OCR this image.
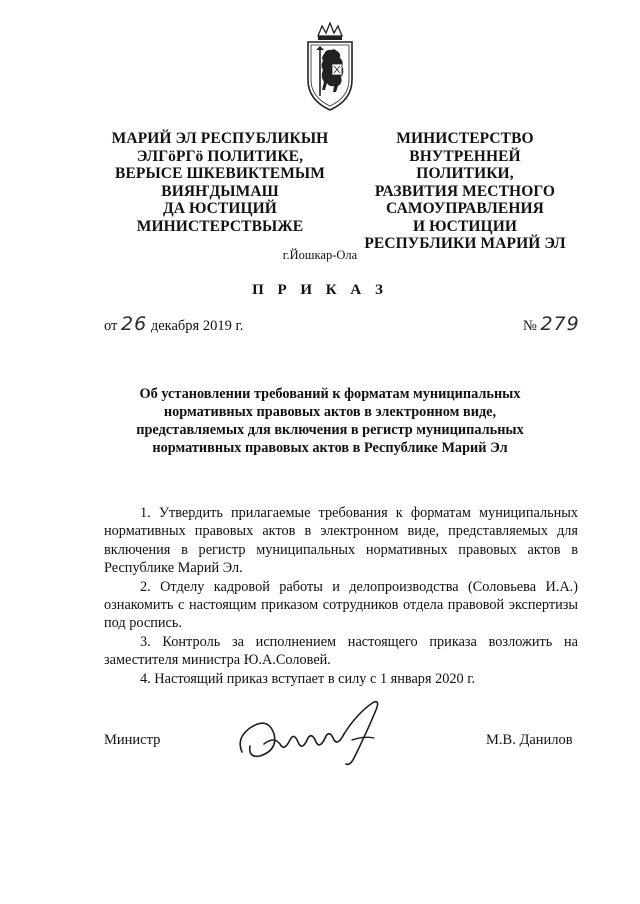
МАРИЙ ЭЛ РЕСПУБЛИКЫН
ЭЛГӧРГӧ ПОЛИТИКЕ,
ВЕРЫСЕ ШКЕВИКТЕМЫМ
ВИЯҤДЫМАШ
ДА ЮСТИЦИЙ
МИНИСТЕРСТВЫЖЕ
МИНИСТЕРСТВО
ВНУТРЕННЕЙ ПОЛИТИКИ,
РАЗВИТИЯ МЕСТНОГО
САМОУПРАВЛЕНИЯ
И ЮСТИЦИИ
РЕСПУБЛИКИ МАРИЙ ЭЛ
г.Йошкар-Ола
П Р И К А З
от 26 декабря 2019 г.	№ 279
Об установлении требований к форматам муниципальных нормативных правовых актов в электронном виде, представляемых для включения в регистр муниципальных нормативных правовых актов в Республике Марий Эл

1. Утвердить прилагаемые требования к форматам муниципальных нормативных правовых актов в электронном виде, представляемых для включения в регистр муниципальных нормативных правовых актов в Республике Марий Эл.

2. Отделу кадровой работы и делопроизводства (Соловьева И.А.) ознакомить с настоящим приказом сотрудников отдела правовой экспертизы под роспись.

3. Контроль за исполнением настоящего приказа возложить на заместителя министра Ю.А.Соловей.

4. Настоящий приказ вступает в силу с 1 января 2020 г.

Министр	М.В. Данилов
